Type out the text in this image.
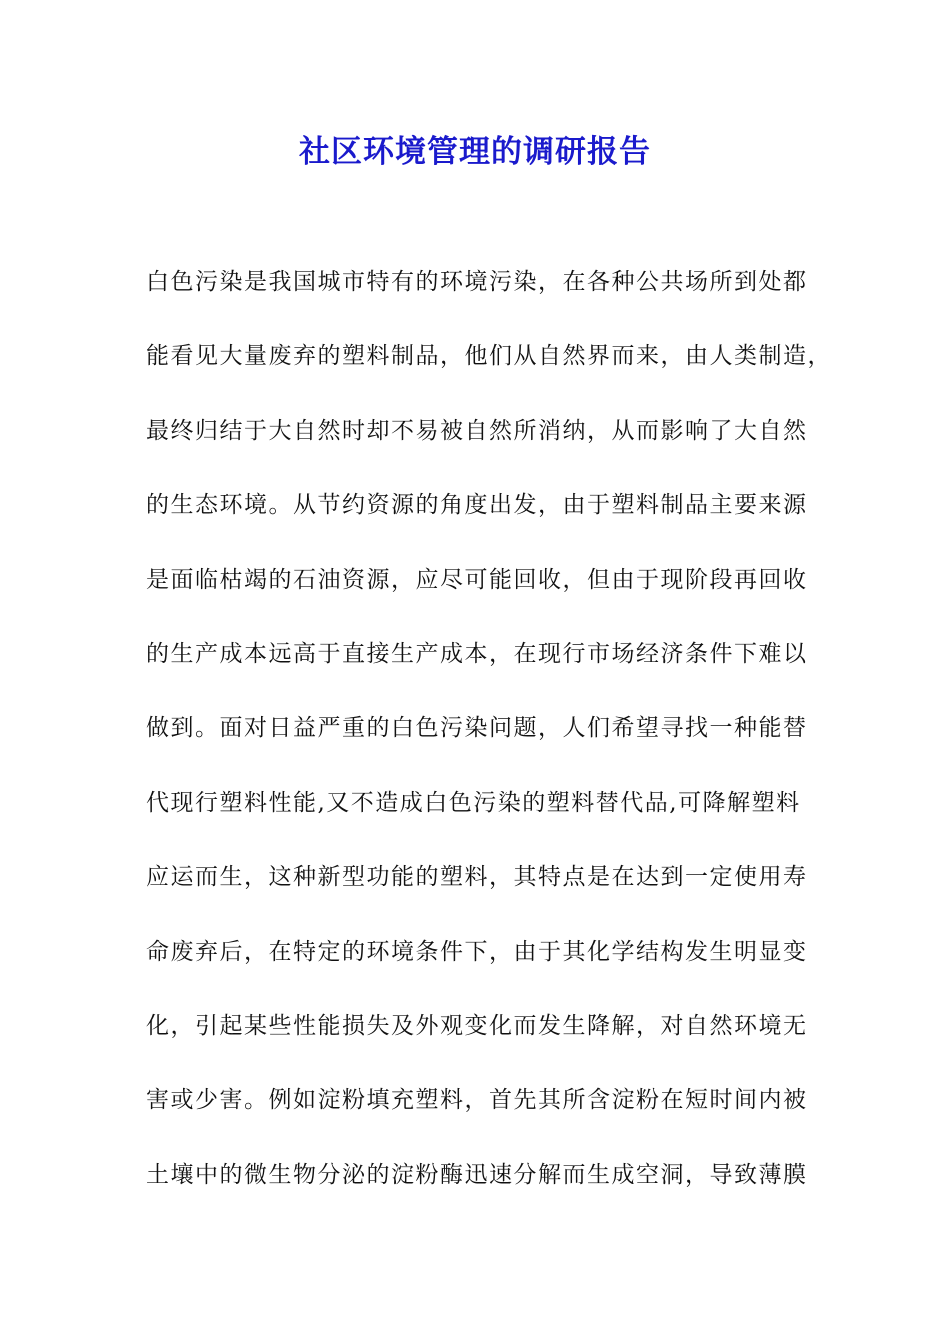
社区环境管理的调研报告
白色污染是我国城市特有的环境污染，在各种公共场所到处都
能看见大量废弃的塑料制品，他们从自然界而来，由人类制造，
最终归结于大自然时却不易被自然所消纳，从而影响了大自然
的生态环境。从节约资源的角度出发，由于塑料制品主要来源
是面临枯竭的石油资源，应尽可能回收，但由于现阶段再回收
的生产成本远高于直接生产成本，在现行市场经济条件下难以
做到。面对日益严重的白色污染问题，人们希望寻找一种能替
代现行塑料性能,又不造成白色污染的塑料替代品,可降解塑料
应运而生，这种新型功能的塑料，其特点是在达到一定使用寿
命废弃后，在特定的环境条件下，由于其化学结构发生明显变
化，引起某些性能损失及外观变化而发生降解，对自然环境无
害或少害。例如淀粉填充塑料，首先其所含淀粉在短时间内被
土壤中的微生物分泌的淀粉酶迅速分解而生成空洞，导致薄膜
